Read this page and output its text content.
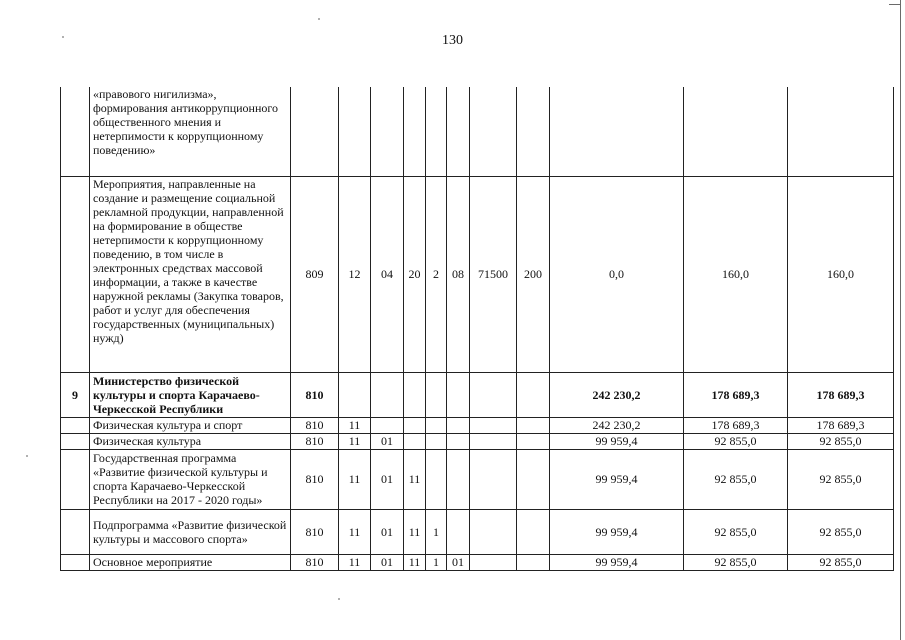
130
	«правового нигилизма», формирования антикоррупционного общественного мнения и нетерпимости к коррупционному поведению»											
	Мероприятия, направленные на создание и размещение социальной рекламной продукции, направленной на формирование в обществе нетерпимости к коррупционному поведению, в том числе в электронных средствах массовой информации, а также в качестве наружной рекламы (Закупка товаров, работ и услуг для обеспечения государственных (муниципальных) нужд)	809	12	04	20	2	08	71500	200	0,0	160,0	160,0
9	Министерство физической культуры и спорта Карачаево-Черкесской Республики	810								242 230,2	178 689,3	178 689,3
	Физическая культура и спорт	810	11							242 230,2	178 689,3	178 689,3
	Физическая культура	810	11	01						99 959,4	92 855,0	92 855,0
	Государственная программа «Развитие физической культуры и спорта Карачаево-Черкесской Республики на 2017 - 2020 годы»	810	11	01	11					99 959,4	92 855,0	92 855,0
	Подпрограмма «Развитие физической культуры и массового спорта»	810	11	01	11	1				99 959,4	92 855,0	92 855,0
	Основное мероприятие	810	11	01	11	1	01			99 959,4	92 855,0	92 855,0
